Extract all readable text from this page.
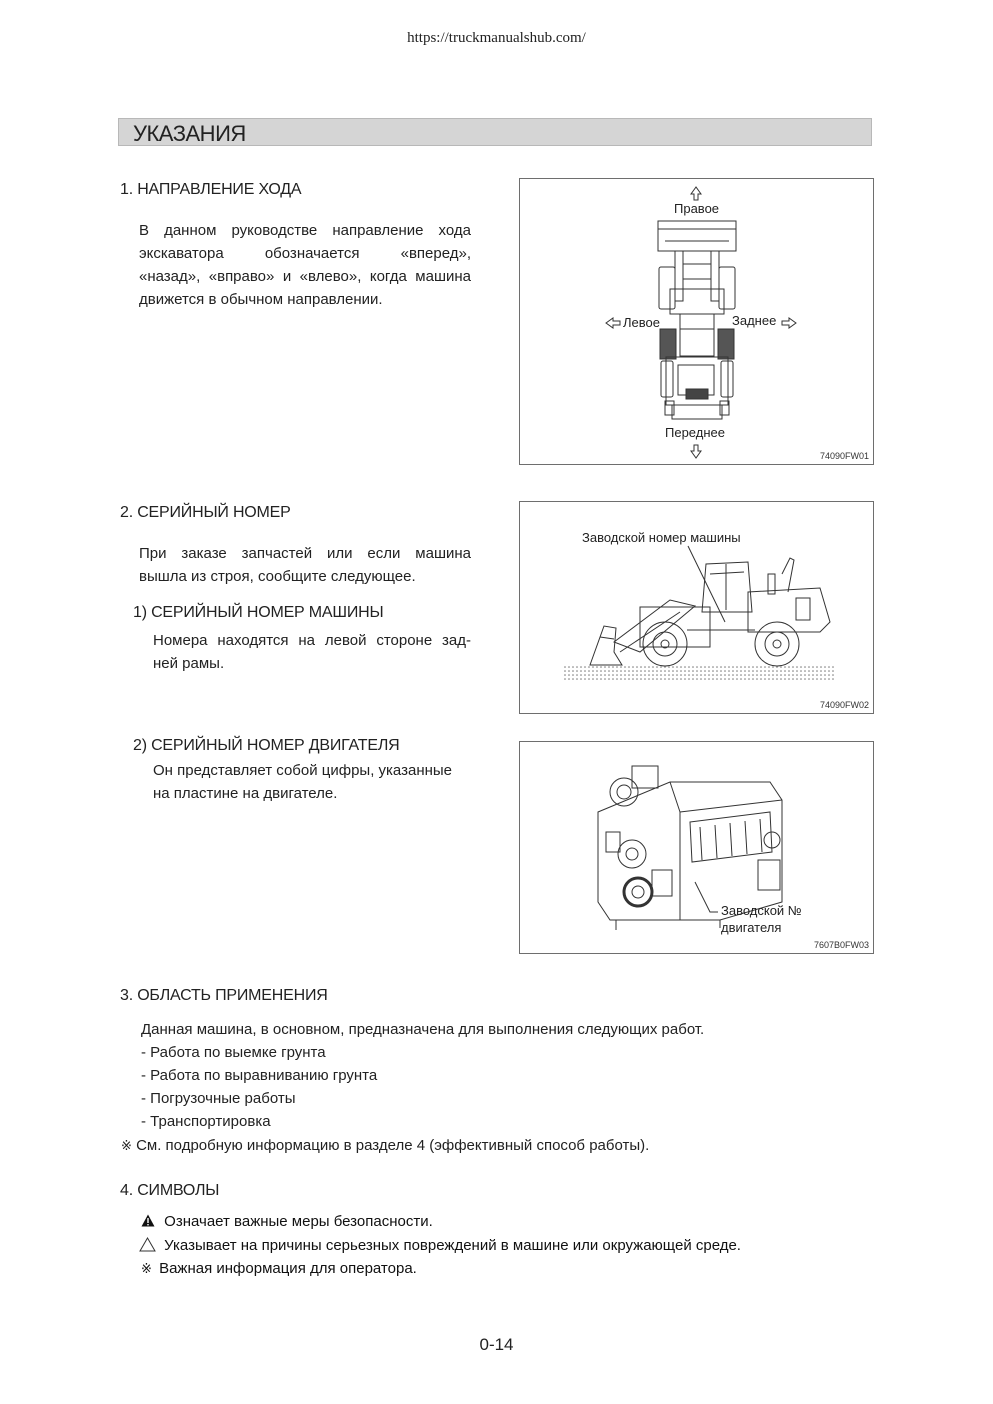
https://truckmanualshub.com/
УКАЗАНИЯ
1. НАПРАВЛЕНИЕ ХОДА
В данном руководстве направление хода
экскаватора обозначается «вперед»,
«назад», «вправо» и «влево», когда машина
движется в обычном направлении.
Правое
Левое	Заднее
Переднее
74090FW01
2. СЕРИЙНЫЙ НОМЕР
При заказе запчастей или если машина
вышла из строя, сообщите следующее.
1) СЕРИЙНЫЙ НОМЕР МАШИНЫ
Номера находятся на левой стороне зад-
ней рамы.
Заводской номер машины
74090FW02
2) СЕРИЙНЫЙ НОМЕР ДВИГАТЕЛЯ
Он представляет собой цифры, указанные
на пластине на двигателе.
Заводской №
двигателя
7607B0FW03
3. ОБЛАСТЬ ПРИМЕНЕНИЯ
Данная машина, в основном, предназначена для выполнения следующих работ.
- Работа по выемке грунта
- Работа по выравниванию грунта
- Погрузочные работы
- Транспортировка
※ См. подробную информацию в разделе 4 (эффективный способ работы).
4. СИМВОЛЫ
Означает важные меры безопасности.
Указывает на причины серьезных повреждений в машине или окружающей среде.
※ Важная информация для оператора.
0-14
